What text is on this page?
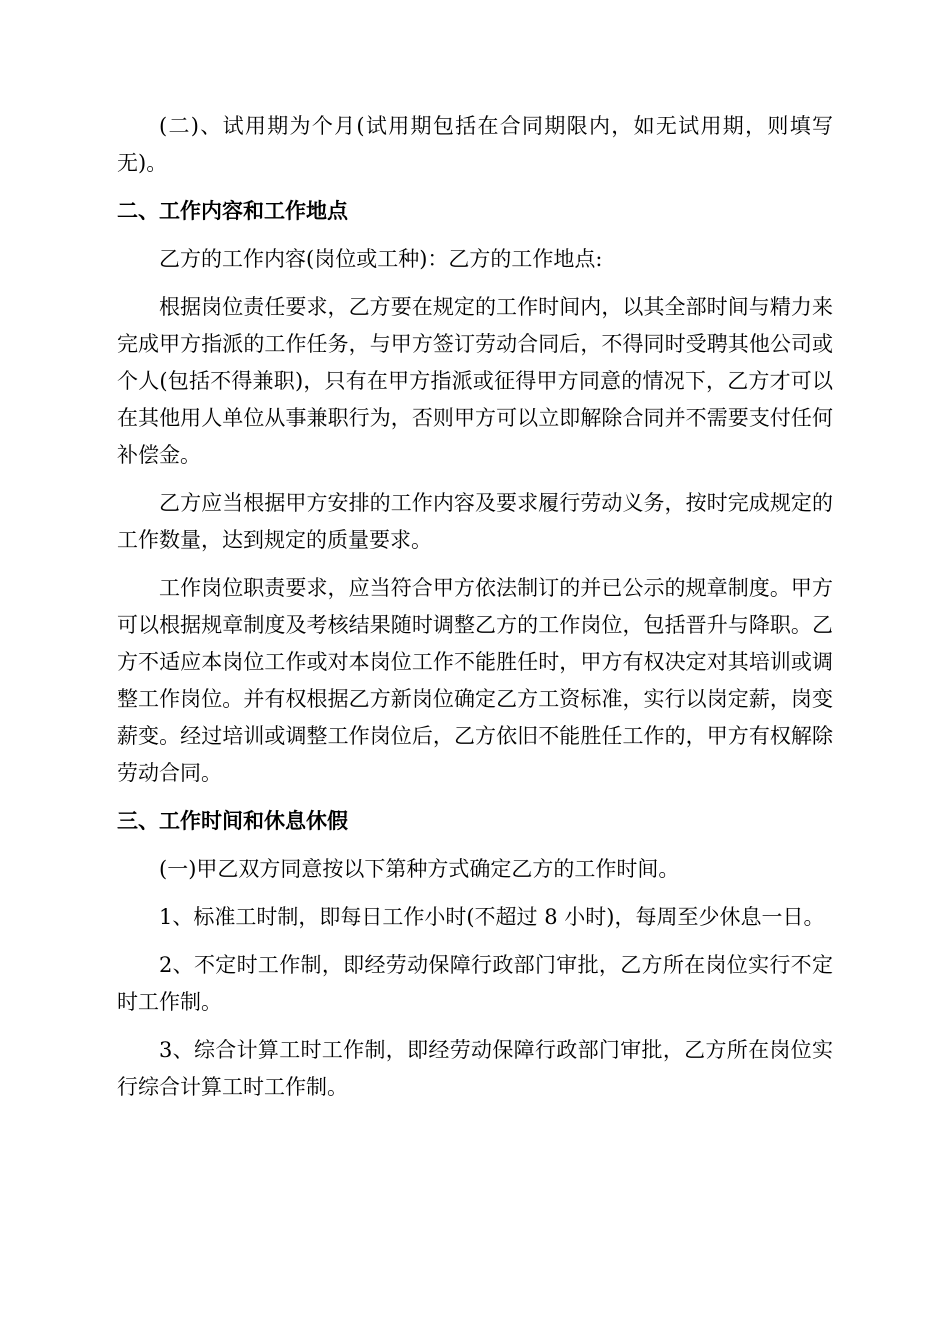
(二)、试用期为个月(试用期包括在合同期限内，如无试用期，则填写无)。

二、工作内容和工作地点

乙方的工作内容(岗位或工种)：乙方的工作地点:

根据岗位责任要求，乙方要在规定的工作时间内，以其全部时间与精力来完成甲方指派的工作任务，与甲方签订劳动合同后，不得同时受聘其他公司或个人(包括不得兼职)，只有在甲方指派或征得甲方同意的情况下，乙方才可以在其他用人单位从事兼职行为，否则甲方可以立即解除合同并不需要支付任何补偿金。

乙方应当根据甲方安排的工作内容及要求履行劳动义务，按时完成规定的工作数量，达到规定的质量要求。

工作岗位职责要求，应当符合甲方依法制订的并已公示的规章制度。甲方可以根据规章制度及考核结果随时调整乙方的工作岗位，包括晋升与降职。乙方不适应本岗位工作或对本岗位工作不能胜任时，甲方有权决定对其培训或调整工作岗位。并有权根据乙方新岗位确定乙方工资标准，实行以岗定薪，岗变薪变。经过培训或调整工作岗位后，乙方依旧不能胜任工作的，甲方有权解除劳动合同。

三、工作时间和休息休假

(一)甲乙双方同意按以下第种方式确定乙方的工作时间。

1、标准工时制，即每日工作小时(不超过 8 小时)，每周至少休息一日。

2、不定时工作制，即经劳动保障行政部门审批，乙方所在岗位实行不定时工作制。

3、综合计算工时工作制，即经劳动保障行政部门审批，乙方所在岗位实行综合计算工时工作制。
